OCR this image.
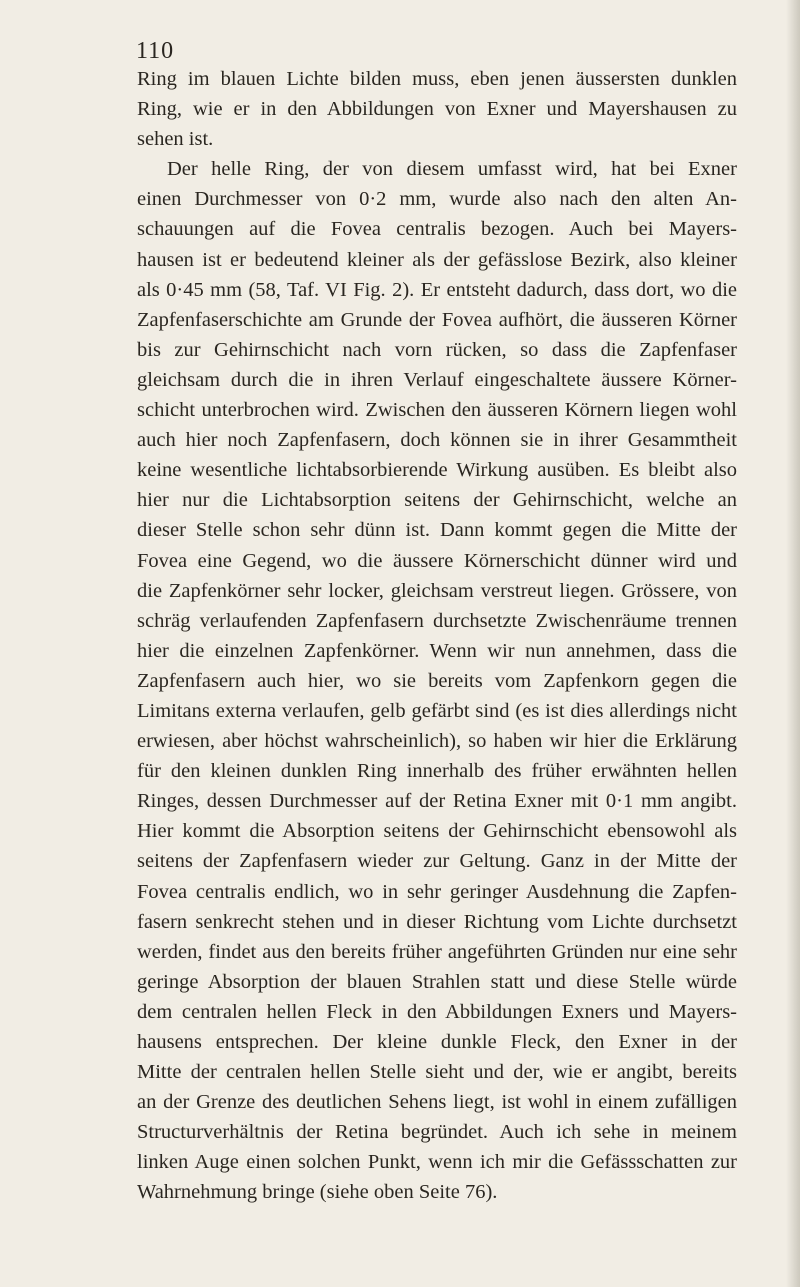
110
Ring im blauen Lichte bilden muss, eben jenen äussersten dunklen
Ring, wie er in den Abbildungen von Exner und Mayershausen zu
sehen ist.
Der helle Ring, der von diesem umfasst wird, hat bei Exner
einen Durchmesser von 0·2 mm, wurde also nach den alten An-
schauungen auf die Fovea centralis bezogen. Auch bei Mayers-
hausen ist er bedeutend kleiner als der gefässlose Bezirk, also kleiner
als 0·45 mm (58, Taf. VI Fig. 2). Er entsteht dadurch, dass dort, wo die
Zapfenfaserschichte am Grunde der Fovea aufhört, die äusseren Körner
bis zur Gehirnschicht nach vorn rücken, so dass die Zapfenfaser
gleichsam durch die in ihren Verlauf eingeschaltete äussere Körner-
schicht unterbrochen wird. Zwischen den äusseren Körnern liegen wohl
auch hier noch Zapfenfasern, doch können sie in ihrer Gesammtheit
keine wesentliche lichtabsorbierende Wirkung ausüben. Es bleibt also
hier nur die Lichtabsorption seitens der Gehirnschicht, welche an
dieser Stelle schon sehr dünn ist. Dann kommt gegen die Mitte der
Fovea eine Gegend, wo die äussere Körnerschicht dünner wird und
die Zapfenkörner sehr locker, gleichsam verstreut liegen. Grössere, von
schräg verlaufenden Zapfenfasern durchsetzte Zwischenräume trennen
hier die einzelnen Zapfenkörner. Wenn wir nun annehmen, dass die
Zapfenfasern auch hier, wo sie bereits vom Zapfenkorn gegen die
Limitans externa verlaufen, gelb gefärbt sind (es ist dies allerdings nicht
erwiesen, aber höchst wahrscheinlich), so haben wir hier die Erklärung
für den kleinen dunklen Ring innerhalb des früher erwähnten hellen
Ringes, dessen Durchmesser auf der Retina Exner mit 0·1 mm angibt.
Hier kommt die Absorption seitens der Gehirnschicht ebensowohl als
seitens der Zapfenfasern wieder zur Geltung. Ganz in der Mitte der
Fovea centralis endlich, wo in sehr geringer Ausdehnung die Zapfen-
fasern senkrecht stehen und in dieser Richtung vom Lichte durchsetzt
werden, findet aus den bereits früher angeführten Gründen nur eine sehr
geringe Absorption der blauen Strahlen statt und diese Stelle würde
dem centralen hellen Fleck in den Abbildungen Exners und Mayers-
hausens entsprechen. Der kleine dunkle Fleck, den Exner in der
Mitte der centralen hellen Stelle sieht und der, wie er angibt, bereits
an der Grenze des deutlichen Sehens liegt, ist wohl in einem zufälligen
Structurverhältnis der Retina begründet. Auch ich sehe in meinem
linken Auge einen solchen Punkt, wenn ich mir die Gefässschatten zur
Wahrnehmung bringe (siehe oben Seite 76).
